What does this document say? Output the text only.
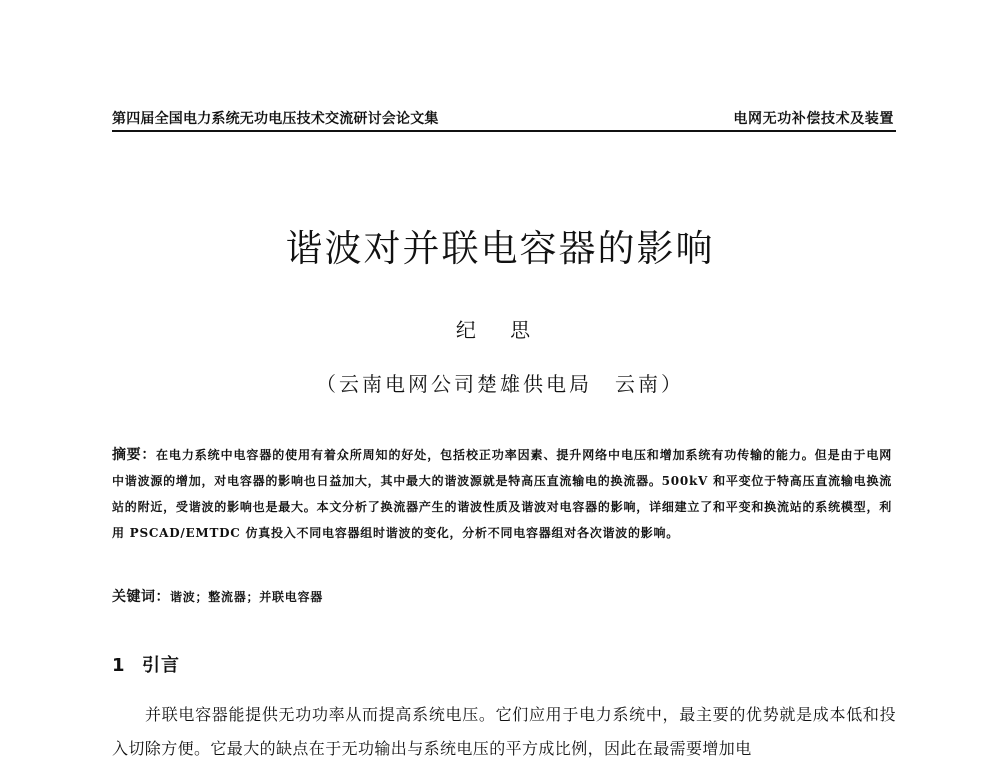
第四届全国电力系统无功电压技术交流研讨会论文集	电网无功补偿技术及装置
谐波对并联电容器的影响
纪 思
（云南电网公司楚雄供电局　云南）
摘要：在电力系统中电容器的使用有着众所周知的好处，包括校正功率因素、提升网络中电压和增加系统有功传输的能力。但是由于电网中谐波源的增加，对电容器的影响也日益加大，其中最大的谐波源就是特高压直流输电的换流器。500kV 和平变位于特高压直流输电换流站的附近，受谐波的影响也是最大。本文分析了换流器产生的谐波性质及谐波对电容器的影响，详细建立了和平变和换流站的系统模型，利用 PSCAD/EMTDC 仿真投入不同电容器组时谐波的变化，分析不同电容器组对各次谐波的影响。
关键词：谐波；整流器；并联电容器
1 引言
并联电容器能提供无功功率从而提高系统电压。它们应用于电力系统中，最主要的优势就是成本低和投入切除方便。它最大的缺点在于无功输出与系统电压的平方成比例，因此在最需要增加电
